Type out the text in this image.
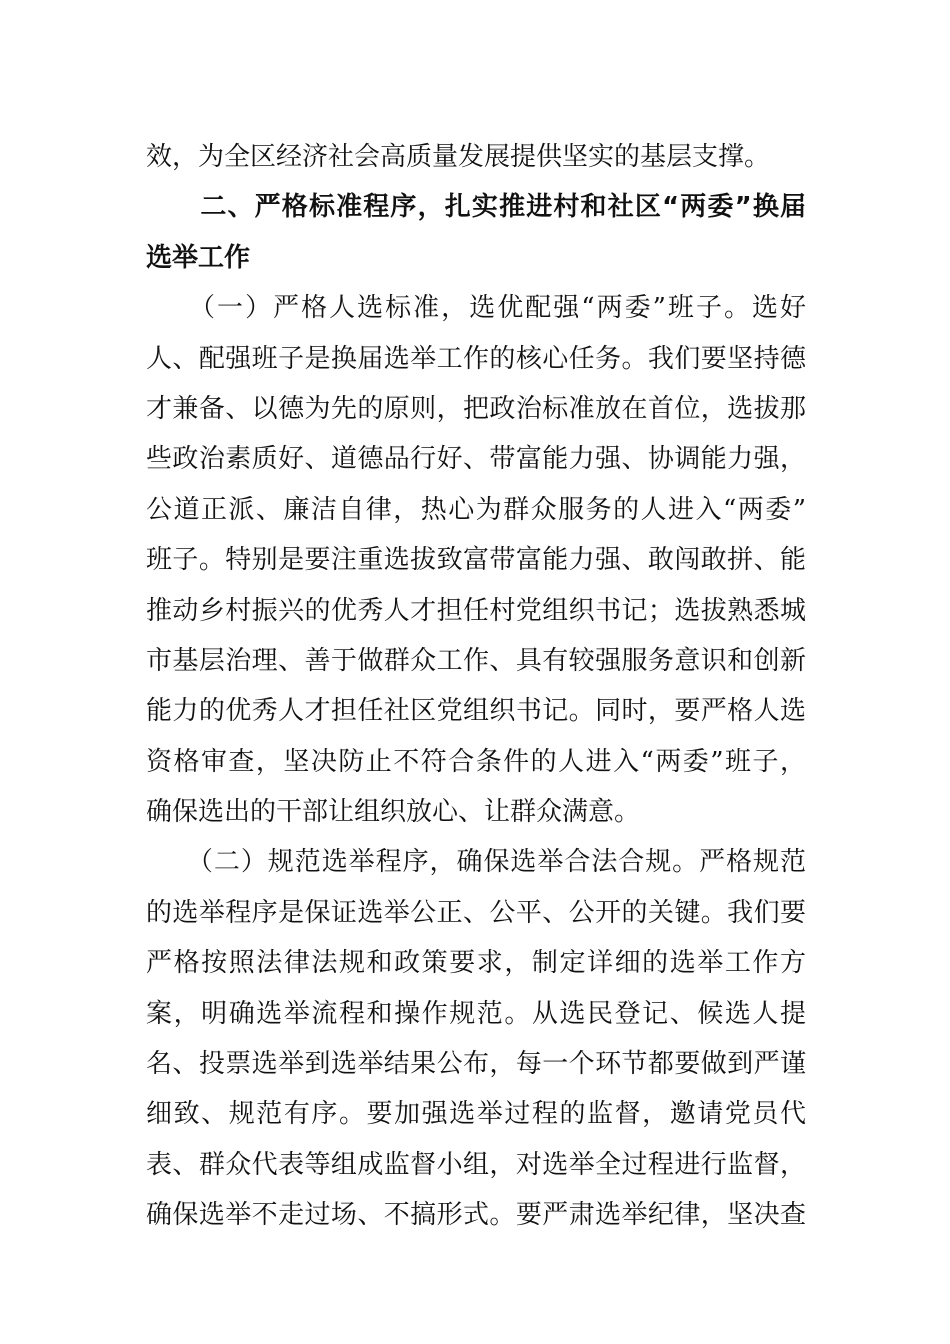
效，为全区经济社会高质量发展提供坚实的基层支撑。
　　二、严格标准程序，扎实推进村和社区“两委”换届
选举工作
　　（一）严格人选标准，选优配强“两委”班子。选好
人、配强班子是换届选举工作的核心任务。我们要坚持德
才兼备、以德为先的原则，把政治标准放在首位，选拔那
些政治素质好、道德品行好、带富能力强、协调能力强，
公道正派、廉洁自律，热心为群众服务的人进入“两委”
班子。特别是要注重选拔致富带富能力强、敢闯敢拼、能
推动乡村振兴的优秀人才担任村党组织书记；选拔熟悉城
市基层治理、善于做群众工作、具有较强服务意识和创新
能力的优秀人才担任社区党组织书记。同时，要严格人选
资格审查，坚决防止不符合条件的人进入“两委”班子，
确保选出的干部让组织放心、让群众满意。
　　（二）规范选举程序，确保选举合法合规。严格规范
的选举程序是保证选举公正、公平、公开的关键。我们要
严格按照法律法规和政策要求，制定详细的选举工作方
案，明确选举流程和操作规范。从选民登记、候选人提
名、投票选举到选举结果公布，每一个环节都要做到严谨
细致、规范有序。要加强选举过程的监督，邀请党员代
表、群众代表等组成监督小组，对选举全过程进行监督，
确保选举不走过场、不搞形式。要严肃选举纪律，坚决查
